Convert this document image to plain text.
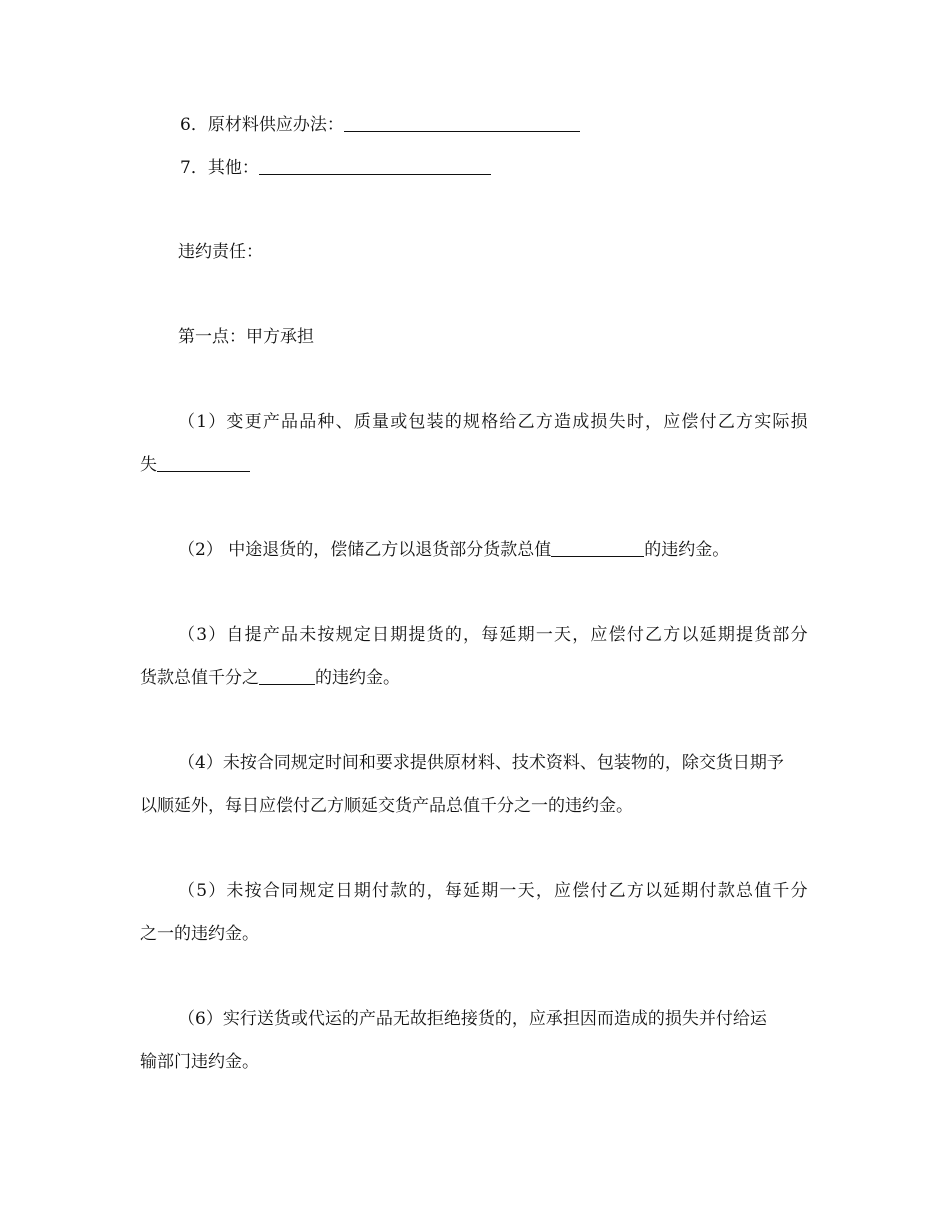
6．原材料供应办法：
7．其他：
违约责任：
第一点：甲方承担
（1）变更产品品种、质量或包装的规格给乙方造成损失时，应偿付乙方实际损
失
（2） 中途退货的，偿储乙方以退货部分货款总值	的违约金。
（3）自提产品未按规定日期提货的，每延期一天，应偿付乙方以延期提货部分
货款总值千分之	的违约金。
（4）未按合同规定时间和要求提供原材料、技术资料、包装物的，除交货日期予
以顺延外，每日应偿付乙方顺延交货产品总值千分之一的违约金。
（5）未按合同规定日期付款的，每延期一天，应偿付乙方以延期付款总值千分
之一的违约金。
（6）实行送货或代运的产品无故拒绝接货的，应承担因而造成的损失并付给运
输部门违约金。
